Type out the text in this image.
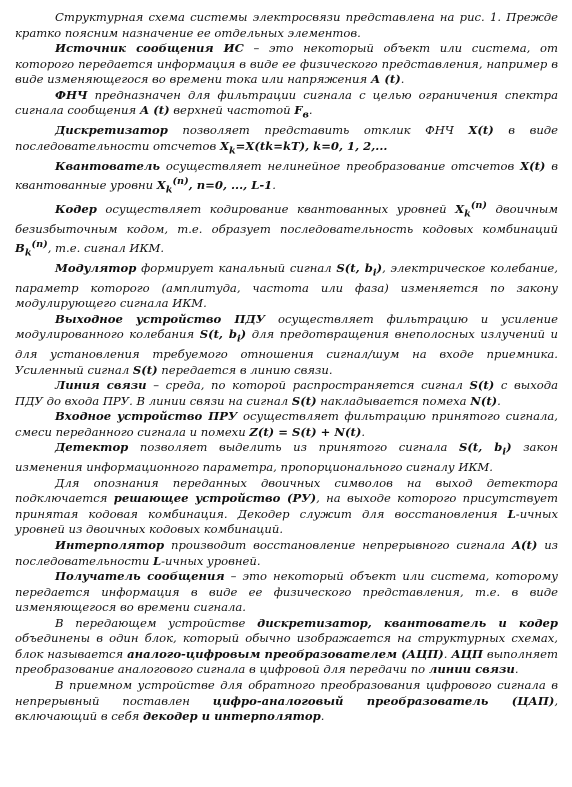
Структурная схема системы электросвязи представлена на рис. 1. Прежде кратко поясним назначение ее отдельных элементов.

Источник сообщения ИС – это некоторый объект или система, от которого передается информация в виде ее физического представления, например в виде изменяющегося во времени тока или напряжения А (t).

ФНЧ предназначен для фильтрации сигнала с целью ограничения спектра сигнала сообщения А (t) верхней частотой $F_в$.

Дискретизатор позволяет представить отклик ФНЧ X(t) в виде последовательности отсчетов $X_k=X(tk=kT)$, k=0, 1, 2,...

Квантователь осуществляет нелинейное преобразование отсчетов X(t) в квантованные уровни $X_k^{(n)}$, n=0, ..., L-1.

Кодер осуществляет кодирование квантованных уровней $X_k^{(n)}$ двоичным безизбыточным кодом, т.е. образует последовательность кодовых комбинаций $B_k^{(n)}$, т.е. сигнал ИКМ.

Модулятор формирует канальный сигнал S(t, $b_i$), электрическое колебание, параметр которого (амплитуда, частота или фаза) изменяется по закону модулирующего сигнала ИКМ.

Выходное устройство ПДУ осуществляет фильтрацию и усиление модулированного колебания S(t, $b_i$) для предотвращения внеполосных излучений и для установления требуемого отношения сигнал/шум на входе приемника. Усиленный сигнал S(t) передается в линию связи.

Линия связи – среда, по которой распространяется сигнал S(t) с выхода ПДУ до входа ПРУ. В линии связи на сигнал S(t) накладывается помеха N(t).

Входное устройство ПРУ осуществляет фильтрацию принятого сигнала, смеси переданного сигнала и помехи Z(t) = S(t) + N(t).

Детектор позволяет выделить из принятого сигнала S(t, $b_i$) закон изменения информационного параметра, пропорционального сигналу ИКМ.

Для опознания переданных двоичных символов на выход детектора подключается решающее устройство (РУ), на выходе которого присутствует принятая кодовая комбинация. Декодер служит для восстановления L-ичных уровней из двоичных кодовых комбинаций.

Интерполятор производит восстановление непрерывного сигнала A(t) из последовательности L-ичных уровней.

Получатель сообщения – это некоторый объект или система, которому передается информация в виде ее физического представления, т.е. в виде изменяющегося во времени сигнала.

В передающем устройстве дискретизатор, квантователь и кодер объединены в один блок, который обычно изображается на структурных схемах, блок называется аналого-цифровым преобразователем (АЦП). АЦП выполняет преобразование аналогового сигнала в цифровой для передачи по линии связи.

В приемном устройстве для обратного преобразования цифрового сигнала в непрерывный поставлен цифро-аналоговый преобразователь (ЦАП), включающий в себя декодер и интерполятор.
